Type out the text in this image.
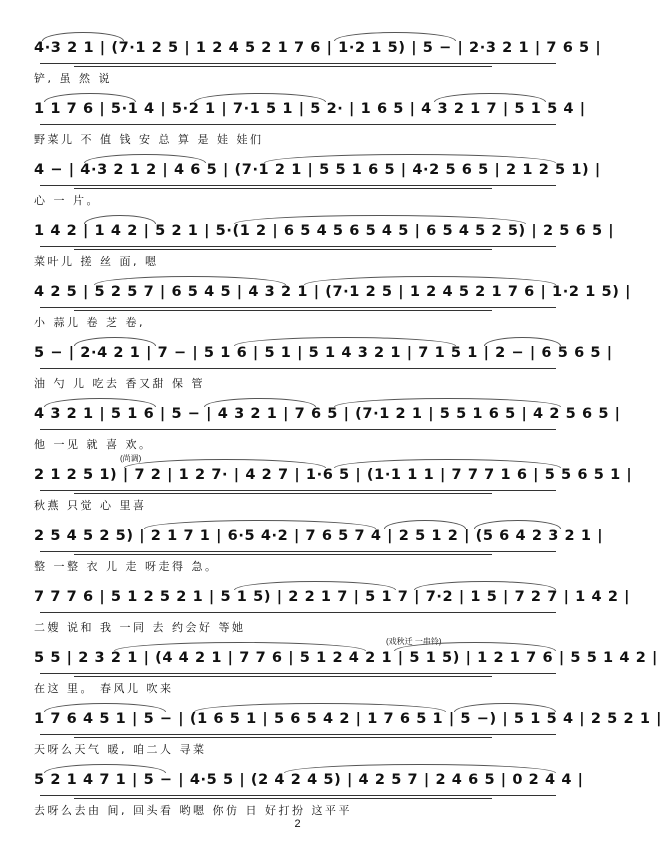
4·3 2 1 | (7·1 2 5 | 1 2 4 5 2 1 7 6 | 1·2 1 5) | 5 − | 2·3 2 1 | 7 6 5 |
铲, 虽 然 说
1 1 7 6 | 5·1 4 | 5·2 1 | 7·1 5 1 | 5 2· | 1 6 5 | 4 3 2 1 7 | 5 1 5 4 |
野菜儿 不 值 钱 安 总 算 是 娃 娃们
4 − | 4·3 2 1 2 | 4 6 5 | (7·1 2 1 | 5 5 1 6 5 | 4·2 5 6 5 | 2 1 2 5 1) |
心 一 片。
1 4 2 | 1 4 2 | 5 2 1 | 5·(1 2 | 6 5 4 5 6 5 4 5 | 6 5 4 5 2 5) | 2 5 6 5 |
菜叶儿 搓 丝 面, 嗯
4 2 5 | 5 2 5 7 | 6 5 4 5 | 4 3 2 1 | (7·1 2 5 | 1 2 4 5 2 1 7 6 | 1·2 1 5) |
小 蒜儿 卷 芝 卷,
5 − | 2·4 2 1 | 7 − | 5 1 6 | 5 1 | 5 1 4 3 2 1 | 7 1 5 1 | 2 − | 6 5 6 5 |
油 勺 儿 吃去 香又甜 保 管
4 3 2 1 | 5 1 6 | 5 − | 4 3 2 1 | 7 6 5 | (7·1 2 1 | 5 5 1 6 5 | 4 2 5 6 5 |
他 一见 就 喜 欢。
(尚调)
2 1 2 5 1) | 7 2 | 1 2 7· | 4 2 7 | 1·6 5 | (1·1 1 1 | 7 7 7 1 6 | 5 5 6 5 1 |
秋燕 只觉 心 里喜
2 5 4 5 2 5) | 2 1 7 1 | 6·5 4·2 | 7 6 5 7 4 | 2 5 1 2 | (5 6 4 2 3 2 1 |
整 一整 衣 儿 走 呀走得 急。
7 7 7 6 | 5 1 2 5 2 1 | 5 1 5) | 2 2 1 7 | 5 1 7 | 7·2 | 1 5 | 7 2 7 | 1 4 2 |
二嫂 说和 我 一同 去 约会好 等她
(戏秋迁 一串铃)
5 5 | 2 3 2 1 | (4 4 2 1 | 7 7 6 | 5 1 2 4 2 1 | 5 1 5) | 1 2 1 7 6 | 5 5 1 4 2 |
在这 里。 春风儿 吹来
1 7 6 4 5 1 | 5 − | (1 6 5 1 | 5 6 5 4 2 | 1 7 6 5 1 | 5 −) | 5 1 5 4 | 2 5 2 1 |
天呀么天气 暖, 咱二人 寻菜
5 2 1 4 7 1 | 5 − | 4·5 5 | (2 4 2 4 5) | 4 2 5 7 | 2 4 6 5 | 0 2 4 4 |
去呀么去由 间, 回头看 哟嗯 你仿 日 好打扮 这平平
2
